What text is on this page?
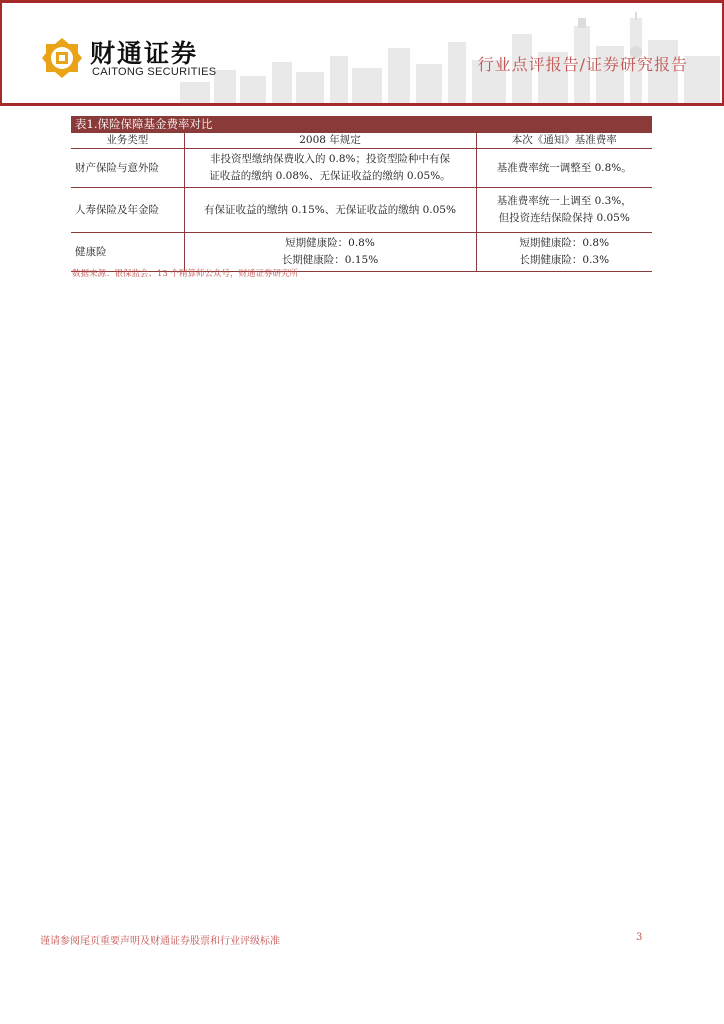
财通证券
CAITONG SECURITIES	行业点评报告/证券研究报告
表1.保险保障基金费率对比
业务类型	2008 年规定	本次《通知》基准费率
财产保险与意外险	非投资型缴纳保费收入的 0.8%；投资型险种中有保
证收益的缴纳 0.08%、无保证收益的缴纳 0.05%。	基准费率统一调整至 0.8%。

人寿保险及年金险	有保证收益的缴纳 0.15%、无保证收益的缴纳 0.05%	基准费率统一上调至 0.3%，
但投资连结保险保持 0.05%

健康险	短期健康险：0.8%
长期健康险：0.15%	短期健康险：0.8%
长期健康险：0.3%
数据来源：银保监会、13 个精算师公众号，财通证券研究所
谨请参阅尾页重要声明及财通证券股票和行业评级标准	3
